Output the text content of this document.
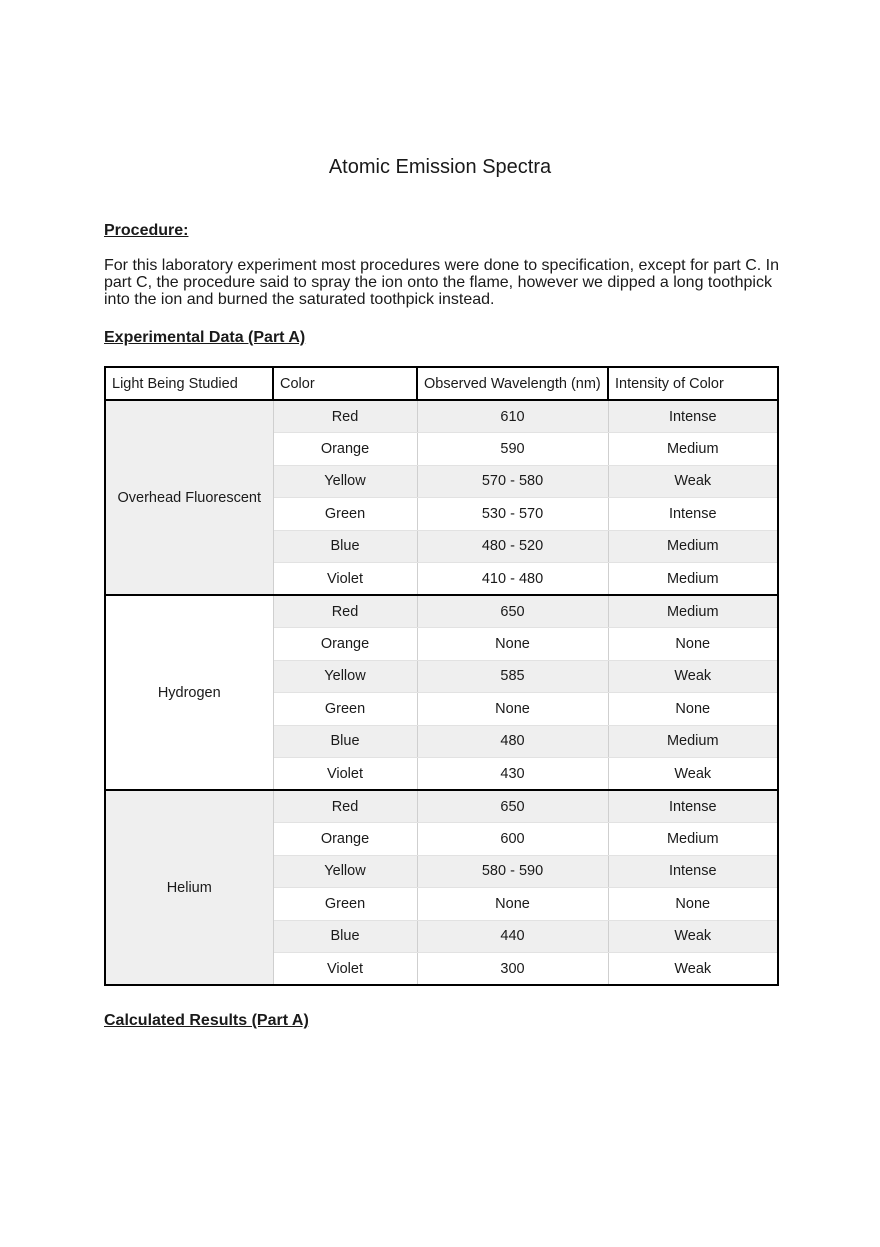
Atomic Emission Spectra
Procedure:

For this laboratory experiment most procedures were done to specification, except for part C. In part C, the procedure said to spray the ion onto the flame, however we dipped a long toothpick into the ion and burned the saturated toothpick instead.

Experimental Data (Part A)
Light Being Studied	Color	Observed Wavelength (nm)	Intensity of Color
Overhead Fluorescent	Red	610	Intense
	Orange	590	Medium
	Yellow	570 - 580	Weak
	Green	530 - 570	Intense
	Blue	480 - 520	Medium
	Violet	410 - 480	Medium
Hydrogen	Red	650	Medium
	Orange	None	None
	Yellow	585	Weak
	Green	None	None
	Blue	480	Medium
	Violet	430	Weak
Helium	Red	650	Intense
	Orange	600	Medium
	Yellow	580 - 590	Intense
	Green	None	None
	Blue	440	Weak
	Violet	300	Weak
Calculated Results (Part A)
